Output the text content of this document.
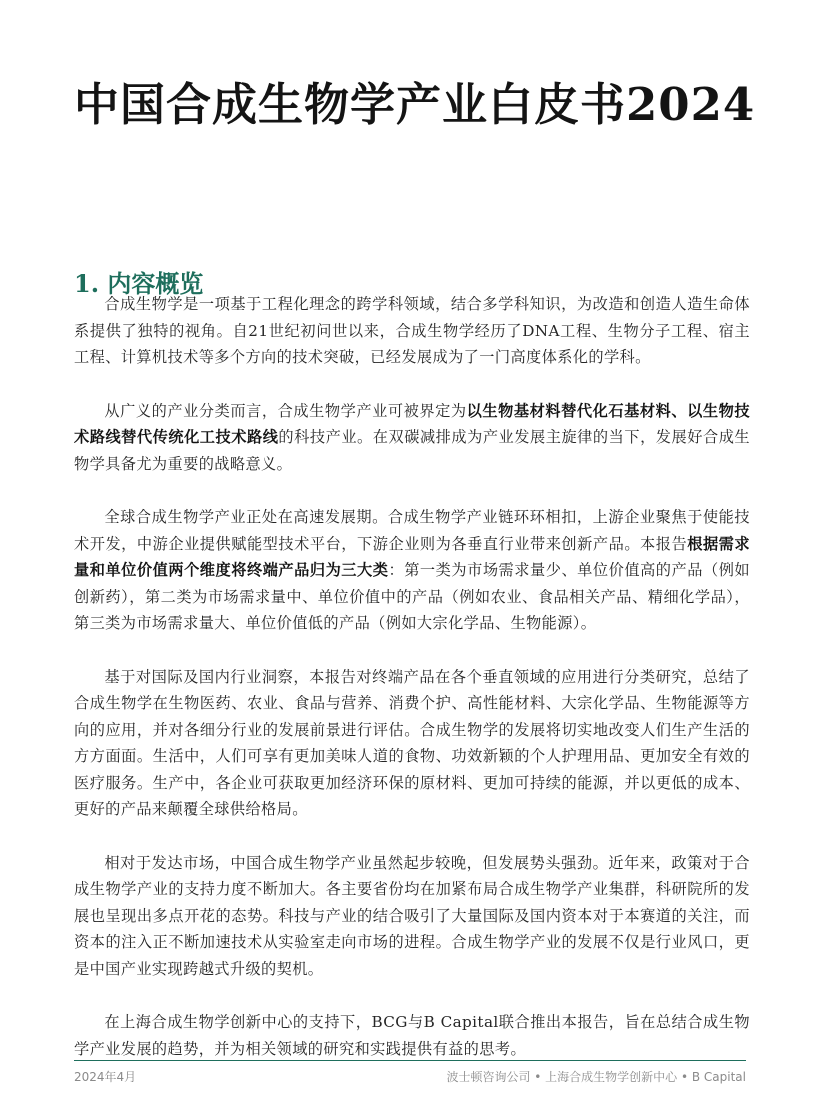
中国合成生物学产业白皮书2024
1. 内容概览

合成生物学是一项基于工程化理念的跨学科领域，结合多学科知识，为改造和创造人造生命体系提供了独特的视角。自21世纪初问世以来，合成生物学经历了DNA工程、生物分子工程、宿主工程、计算机技术等多个方向的技术突破，已经发展成为了一门高度体系化的学科。

从广义的产业分类而言，合成生物学产业可被界定为以生物基材料替代化石基材料、以生物技术路线替代传统化工技术路线的科技产业。在双碳减排成为产业发展主旋律的当下，发展好合成生物学具备尤为重要的战略意义。

全球合成生物学产业正处在高速发展期。合成生物学产业链环环相扣，上游企业聚焦于使能技术开发，中游企业提供赋能型技术平台，下游企业则为各垂直行业带来创新产品。本报告根据需求量和单位价值两个维度将终端产品归为三大类：第一类为市场需求量少、单位价值高的产品（例如创新药），第二类为市场需求量中、单位价值中的产品（例如农业、食品相关产品、精细化学品），第三类为市场需求量大、单位价值低的产品（例如大宗化学品、生物能源）。

基于对国际及国内行业洞察，本报告对终端产品在各个垂直领域的应用进行分类研究，总结了合成生物学在生物医药、农业、食品与营养、消费个护、高性能材料、大宗化学品、生物能源等方向的应用，并对各细分行业的发展前景进行评估。合成生物学的发展将切实地改变人们生产生活的方方面面。生活中，人们可享有更加美味人道的食物、功效新颖的个人护理用品、更加安全有效的医疗服务。生产中，各企业可获取更加经济环保的原材料、更加可持续的能源，并以更低的成本、更好的产品来颠覆全球供给格局。

相对于发达市场，中国合成生物学产业虽然起步较晚，但发展势头强劲。近年来，政策对于合成生物学产业的支持力度不断加大。各主要省份均在加紧布局合成生物学产业集群，科研院所的发展也呈现出多点开花的态势。科技与产业的结合吸引了大量国际及国内资本对于本赛道的关注，而资本的注入正不断加速技术从实验室走向市场的进程。合成生物学产业的发展不仅是行业风口，更是中国产业实现跨越式升级的契机。

在上海合成生物学创新中心的支持下，BCG与B Capital联合推出本报告，旨在总结合成生物学产业发展的趋势，并为相关领域的研究和实践提供有益的思考。

2024年4月	波士顿咨询公司 • 上海合成生物学创新中心 • B Capital
